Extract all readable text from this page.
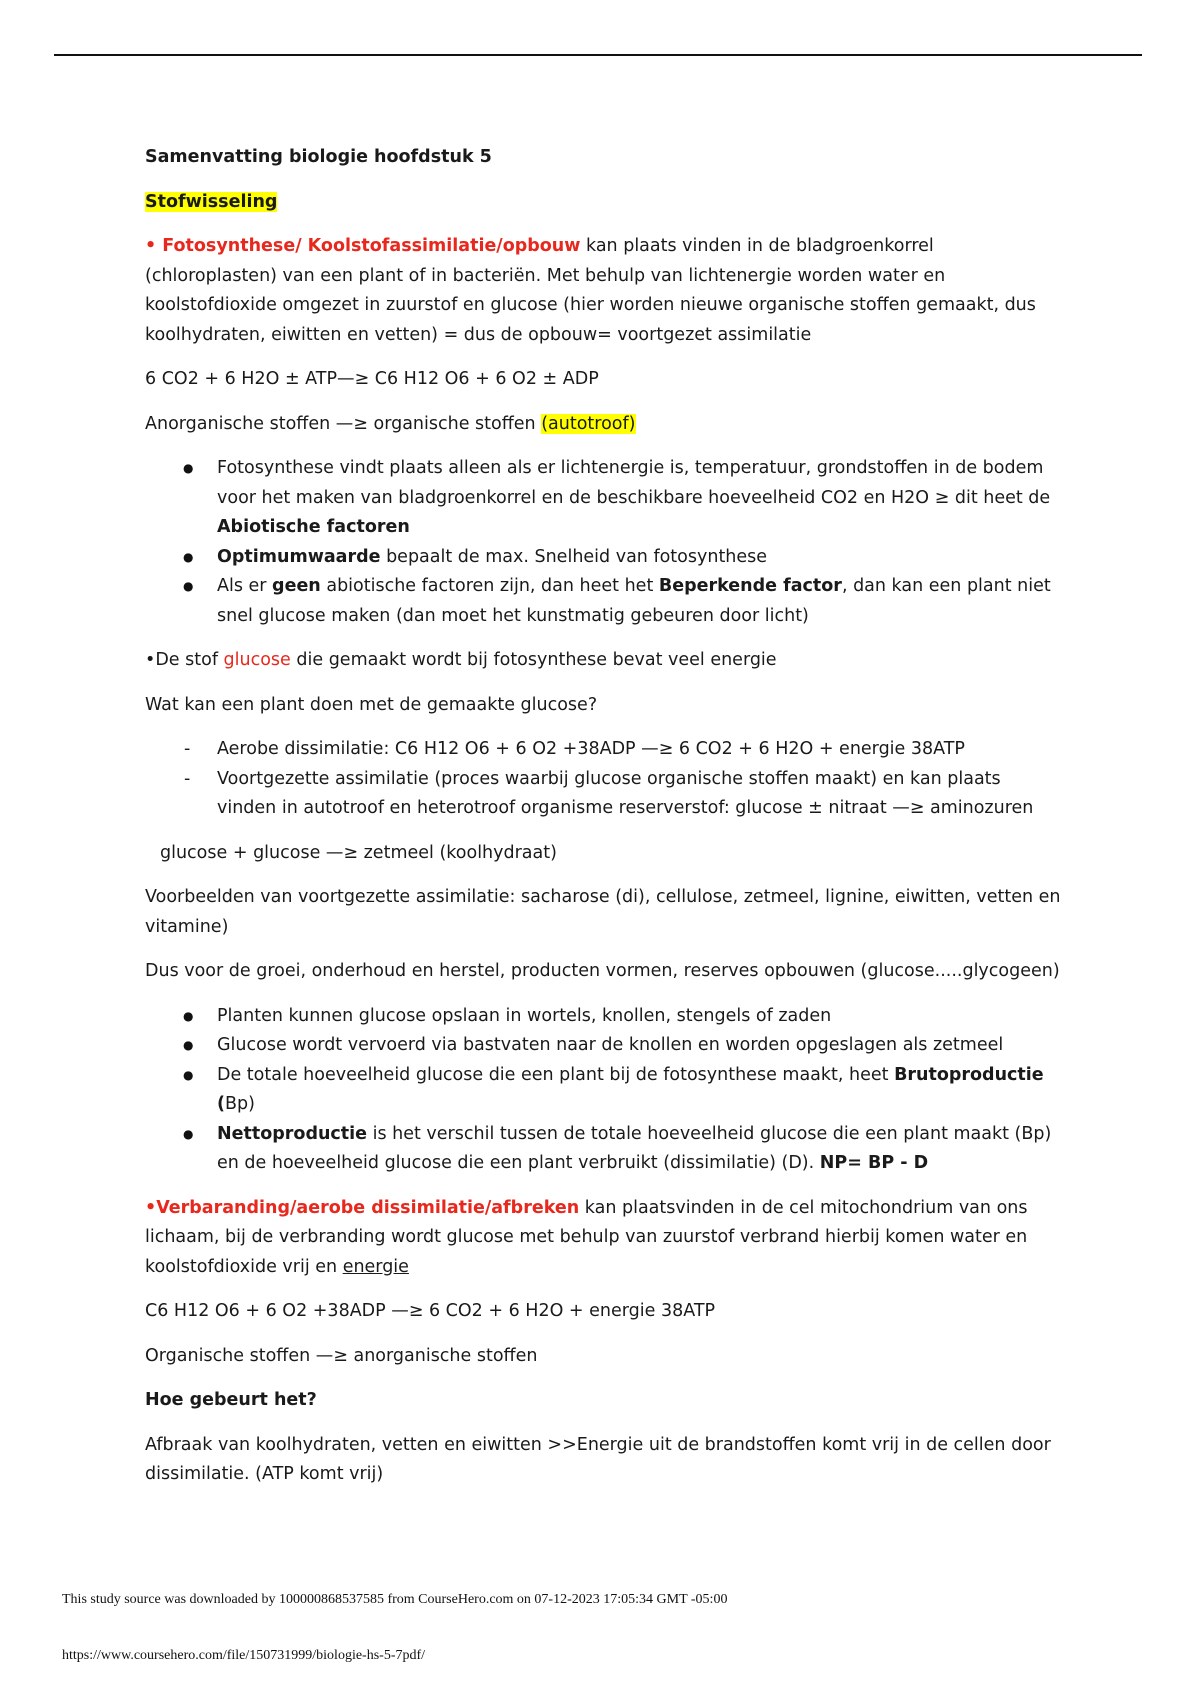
Samenvatting biologie hoofdstuk 5

Stofwisseling

• Fotosynthese/ Koolstofassimilatie/opbouw kan plaats vinden in de bladgroenkorrel (chloroplasten) van een plant of in bacteriën. Met behulp van lichtenergie worden water en koolstofdioxide omgezet in zuurstof en glucose (hier worden nieuwe organische stoffen gemaakt, dus koolhydraten, eiwitten en vetten) = dus de opbouw= voortgezet assimilatie

6 CO2 + 6 H2O ± ATP—≥ C6 H12 O6 + 6 O2 ± ADP

Anorganische stoffen —≥ organische stoffen (autotroof)

● Fotosynthese vindt plaats alleen als er lichtenergie is, temperatuur, grondstoffen in de bodem voor het maken van bladgroenkorrel en de beschikbare hoeveelheid CO2 en H2O ≥ dit heet de Abiotische factoren
● Optimumwaarde bepaalt de max. Snelheid van fotosynthese
● Als er geen abiotische factoren zijn, dan heet het Beperkende factor, dan kan een plant niet snel glucose maken (dan moet het kunstmatig gebeuren door licht)

•De stof glucose die gemaakt wordt bij fotosynthese bevat veel energie

Wat kan een plant doen met de gemaakte glucose?

- Aerobe dissimilatie: C6 H12 O6 + 6 O2 +38ADP —≥ 6 CO2 + 6 H2O + energie 38ATP
- Voortgezette assimilatie (proces waarbij glucose organische stoffen maakt) en kan plaats vinden in autotroof en heterotroof organisme reserverstof: glucose ± nitraat —≥ aminozuren

glucose + glucose —≥ zetmeel (koolhydraat)

Voorbeelden van voortgezette assimilatie: sacharose (di), cellulose, zetmeel, lignine, eiwitten, vetten en vitamine)

Dus voor de groei, onderhoud en herstel, producten vormen, reserves opbouwen (glucose.....glycogeen)

● Planten kunnen glucose opslaan in wortels, knollen, stengels of zaden
● Glucose wordt vervoerd via bastvaten naar de knollen en worden opgeslagen als zetmeel
● De totale hoeveelheid glucose die een plant bij de fotosynthese maakt, heet Brutoproductie (Bp)
● Nettoproductie is het verschil tussen de totale hoeveelheid glucose die een plant maakt (Bp) en de hoeveelheid glucose die een plant verbruikt (dissimilatie) (D). NP= BP - D

•Verbaranding/aerobe dissimilatie/afbreken kan plaatsvinden in de cel mitochondrium van ons lichaam, bij de verbranding wordt glucose met behulp van zuurstof verbrand hierbij komen water en koolstofdioxide vrij en energie

C6 H12 O6 + 6 O2 +38ADP —≥ 6 CO2 + 6 H2O + energie 38ATP

Organische stoffen —≥ anorganische stoffen

Hoe gebeurt het?

Afbraak van koolhydraten, vetten en eiwitten >>Energie uit de brandstoffen komt vrij in de cellen door dissimilatie. (ATP komt vrij)

This study source was downloaded by 100000868537585 from CourseHero.com on 07-12-2023 17:05:34 GMT -05:00
https://www.coursehero.com/file/150731999/biologie-hs-5-7pdf/
